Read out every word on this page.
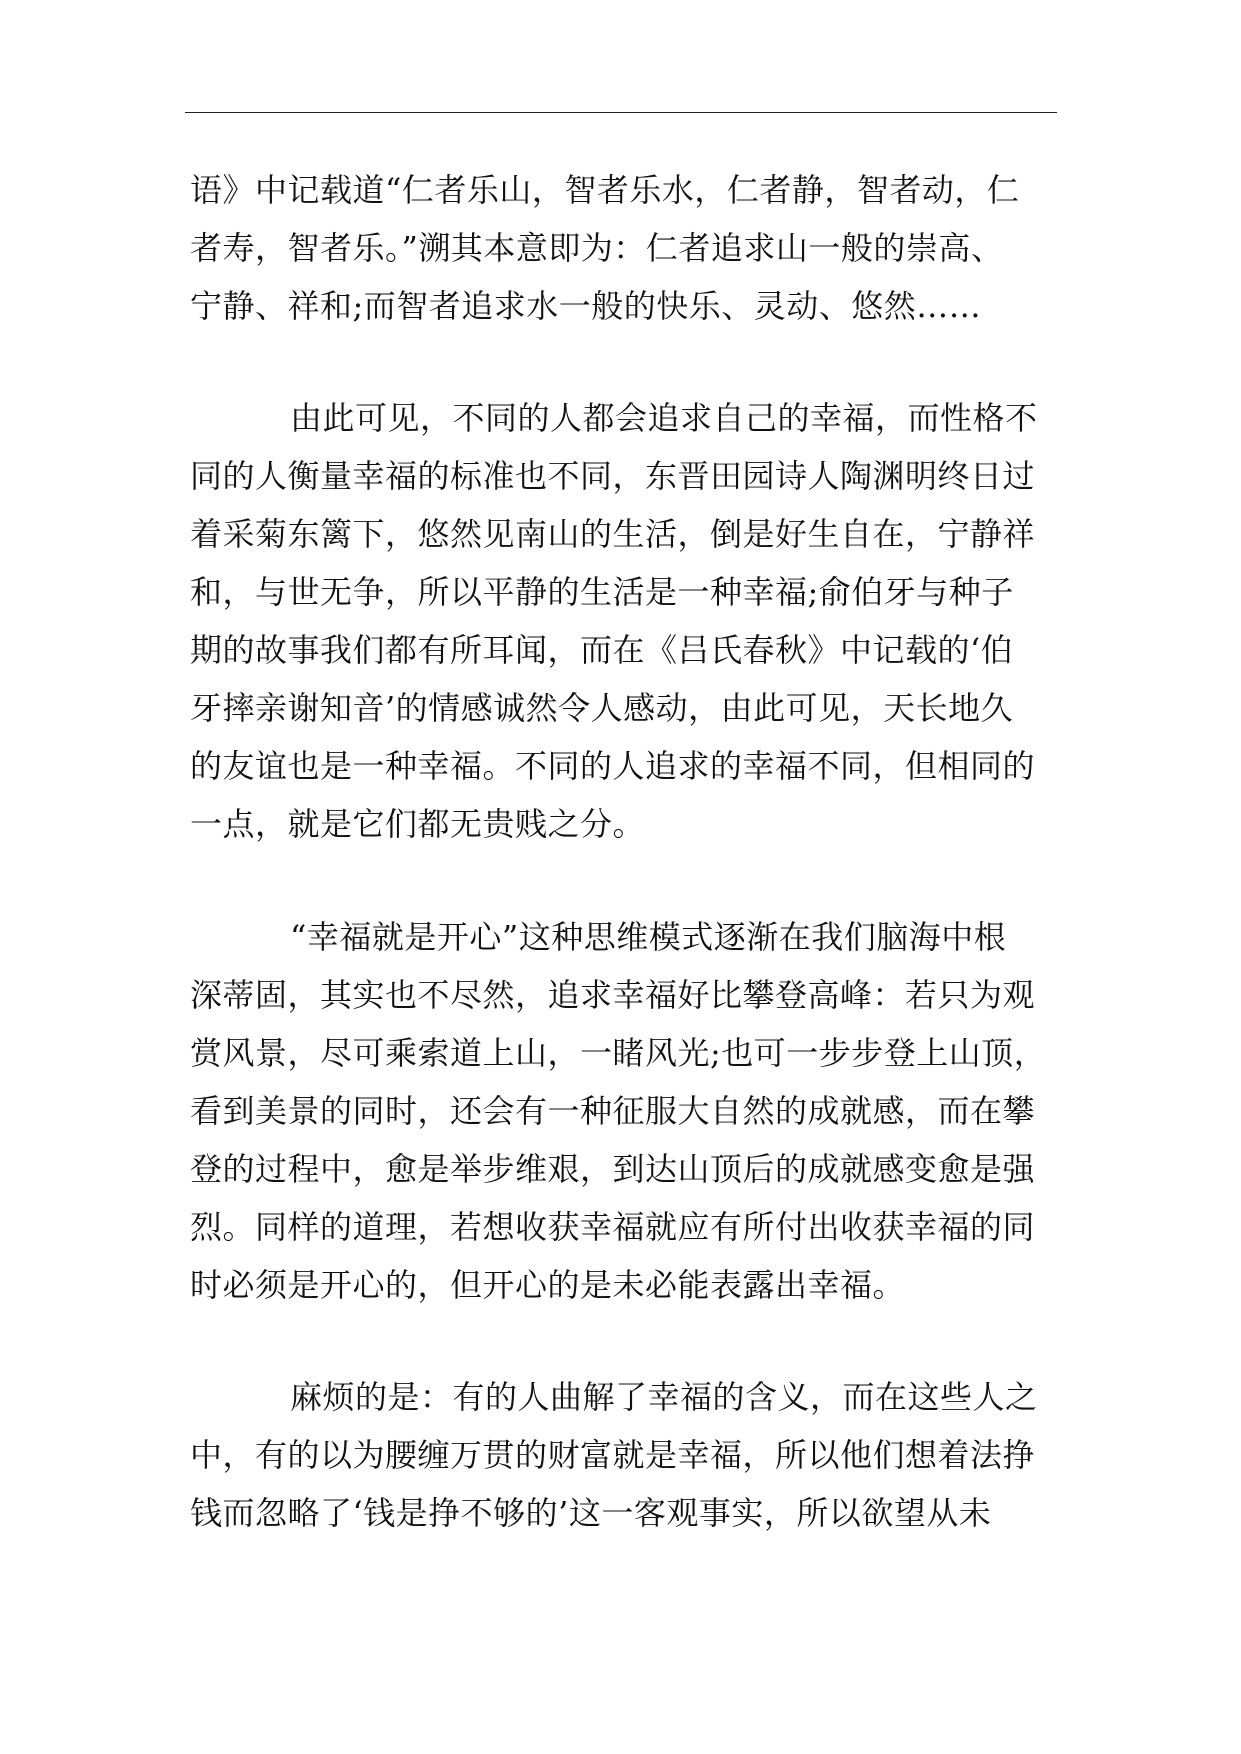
语》中记载道“仁者乐山，智者乐水，仁者静，智者动，仁
者寿，智者乐。”溯其本意即为：仁者追求山一般的崇高、
宁静、祥和;而智者追求水一般的快乐、灵动、悠然……
由此可见，不同的人都会追求自己的幸福，而性格不
同的人衡量幸福的标准也不同，东晋田园诗人陶渊明终日过
着采菊东篱下，悠然见南山的生活，倒是好生自在，宁静祥
和，与世无争，所以平静的生活是一种幸福;俞伯牙与种子
期的故事我们都有所耳闻，而在《吕氏春秋》中记载的‘伯
牙摔亲谢知音’的情感诚然令人感动，由此可见，天长地久
的友谊也是一种幸福。不同的人追求的幸福不同，但相同的
一点，就是它们都无贵贱之分。
“幸福就是开心”这种思维模式逐渐在我们脑海中根
深蒂固，其实也不尽然，追求幸福好比攀登高峰：若只为观
赏风景，尽可乘索道上山，一睹风光;也可一步步登上山顶，
看到美景的同时，还会有一种征服大自然的成就感，而在攀
登的过程中，愈是举步维艰，到达山顶后的成就感变愈是强
烈。同样的道理，若想收获幸福就应有所付出收获幸福的同
时必须是开心的，但开心的是未必能表露出幸福。
麻烦的是：有的人曲解了幸福的含义，而在这些人之
中，有的以为腰缠万贯的财富就是幸福，所以他们想着法挣
钱而忽略了‘钱是挣不够的’这一客观事实，所以欲望从未
